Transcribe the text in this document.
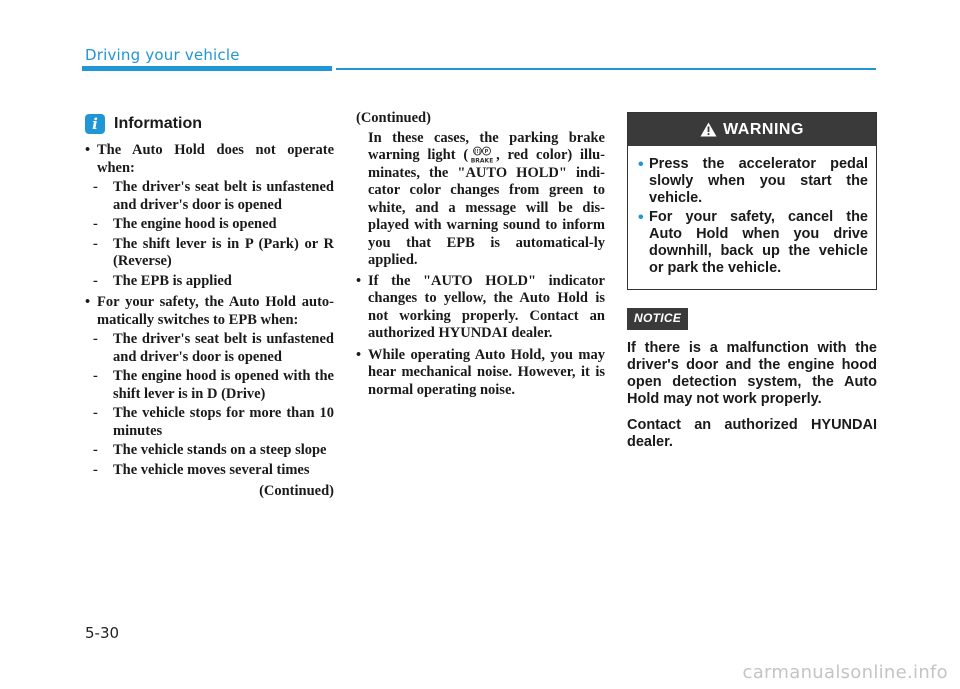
Driving your vehicle
i	Information
• The Auto Hold does not operate when:
-	The driver's seat belt is unfastened and driver's door is opened
-	The engine hood is opened
-	The shift lever is in P (Park) or R (Reverse)
-	The EPB is applied
• For your safety, the Auto Hold auto-matically switches to EPB when:
-	The driver's seat belt is unfastened and driver's door is opened
-	The engine hood is opened with the shift lever is in D (Drive)
-	The vehicle stops for more than 10 minutes
-	The vehicle stands on a steep slope
-	The vehicle moves several times
(Continued)
(Continued)
In these cases, the parking brake warning light ( (!) P
BRAKE , red color) illu-minates, the "AUTO HOLD" indi-cator color changes from green to white, and a message will be dis-played with warning sound to inform you that EPB is automatical-ly applied.
• If the "AUTO HOLD" indicator changes to yellow, the Auto Hold is not working properly. Contact an authorized HYUNDAI dealer.
• While operating Auto Hold, you may hear mechanical noise. However, it is normal operating noise.
WARNING
• Press the accelerator pedal slowly when you start the vehicle.
• For your safety, cancel the Auto Hold when you drive downhill, back up the vehicle or park the vehicle.
NOTICE

If there is a malfunction with the driver's door and the engine hood open detection system, the Auto Hold may not work properly.

Contact an authorized HYUNDAI dealer.

5-30
carmanualsonline.info
